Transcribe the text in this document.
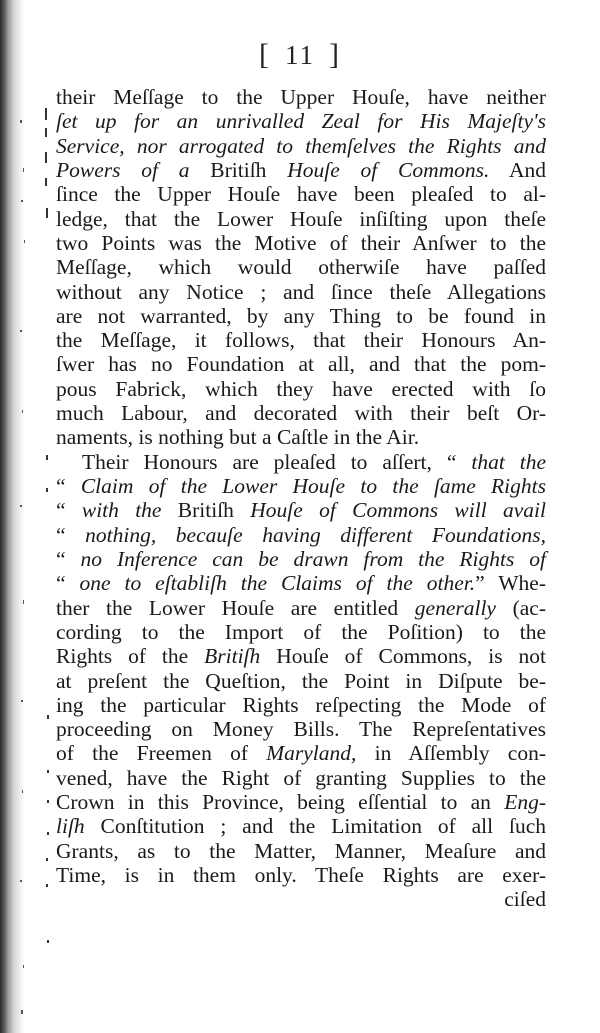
[ 11 ]
their Meſſage to the Upper Houſe, have neither
ſet up for an unrivalled Zeal for His Majeſty's
Service, nor arrogated to themſelves the Rights and
Powers of a Britiſh Houſe of Commons. And
ſince the Upper Houſe have been pleaſed to al-
ledge, that the Lower Houſe inſiſting upon theſe
two Points was the Motive of their Anſwer to the
Meſſage, which would otherwiſe have paſſed
without any Notice ; and ſince theſe Allegations
are not warranted, by any Thing to be found in
the Meſſage, it follows, that their Honours An-
ſwer has no Foundation at all, and that the pom-
pous Fabrick, which they have erected with ſo
much Labour, and decorated with their beſt Or-
naments, is nothing but a Caſtle in the Air.
Their Honours are pleaſed to aſſert, “ that the
“ Claim of the Lower Houſe to the ſame Rights
“ with the Britiſh Houſe of Commons will avail
“ nothing, becauſe having different Foundations,
“ no Inference can be drawn from the Rights of
“ one to eſtabliſh the Claims of the other.” Whe-
ther the Lower Houſe are entitled generally (ac-
cording to the Import of the Poſition) to the
Rights of the Britiſh Houſe of Commons, is not
at preſent the Queſtion, the Point in Diſpute be-
ing the particular Rights reſpecting the Mode of
proceeding on Money Bills. The Repreſentatives
of the Freemen of Maryland, in Aſſembly con-
vened, have the Right of granting Supplies to the
Crown in this Province, being eſſential to an Eng-
liſh Conſtitution ; and the Limitation of all ſuch
Grants, as to the Matter, Manner, Meaſure and
Time, is in them only. Theſe Rights are exer-
ciſed
